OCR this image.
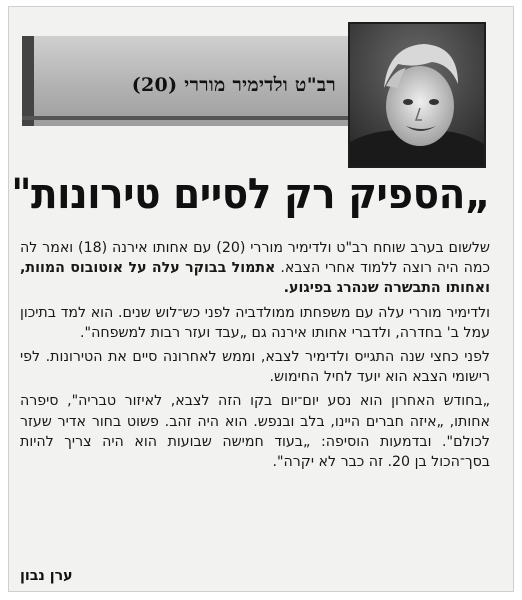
רב"ט ולדימיר מוררי (20)
„הספיק רק לסיים טירונות"

שלשום בערב שוחח רב"ט ולדימיר מוררי (20) עם אחותו אירנה (18) ואמר לה כמה היה רוצה ללמוד אחרי הצבא. אתמול בבוקר עלה על אוטובוס המוות, ואחותו התבשרה שנהרג בפיגוע.

ולדימיר מוררי עלה עם משפחתו ממולדביה לפני כש־לוש שנים. הוא למד בתיכון עמל ב' בחדרה, ולדברי אחותו אירנה גם „עבד ועזר רבות למשפחה".

לפני כחצי שנה התגייס ולדימיר לצבא, וממש לאחרונה סיים את הטירונות. לפי רישומי הצבא הוא יועד לחיל החימוש.

„בחודש האחרון הוא נסע יום־יום בקו הזה לצבא, לאיזור טבריה", סיפרה אחותו, „איזה חברים היינו, בלב ובנפש. הוא היה זהב. פשוט בחור אדיר שעזר לכולם". ובדמעות הוסיפה: „בעוד חמישה שבועות הוא היה צריך להיות בסך־הכול בן 20. זה כבר לא יקרה".

ערן נבון
